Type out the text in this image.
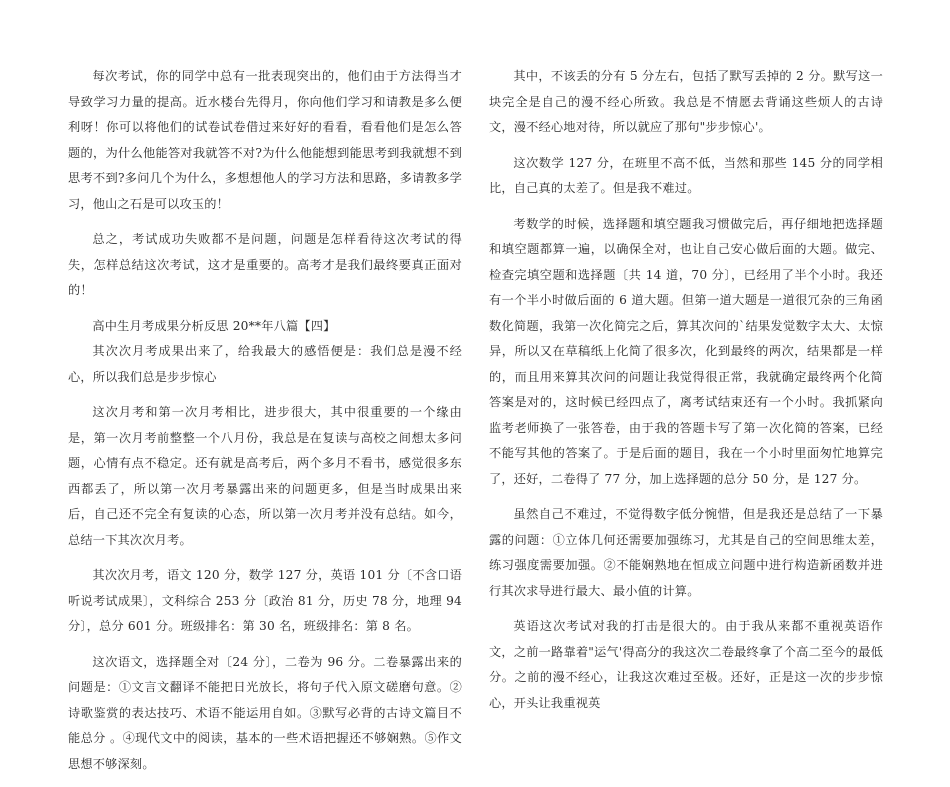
每次考试，你的同学中总有一批表现突出的，他们由于方法得当才导致学习力量的提高。近水楼台先得月，你向他们学习和请教是多么便利呀！你可以将他们的试卷试卷借过来好好的看看，看看他们是怎么答题的，为什么他能答对我就答不对?为什么他能想到能思考到我就想不到思考不到?多问几个为什么，多想想他人的学习方法和思路，多请教多学习，他山之石是可以攻玉的！

总之，考试成功失败都不是问题，问题是怎样看待这次考试的得失，怎样总结这次考试，这才是重要的。高考才是我们最终要真正面对的！

高中生月考成果分析反思 20**年八篇【四】

其次次月考成果出来了，给我最大的感悟便是：我们总是漫不经心，所以我们总是步步惊心

这次月考和第一次月考相比，进步很大，其中很重要的一个缘由是，第一次月考前整整一个八月份，我总是在复读与高校之间想太多问题，心情有点不稳定。还有就是高考后，两个多月不看书，感觉很多东西都丢了，所以第一次月考暴露出来的问题更多，但是当时成果出来后，自己还不完全有复读的心态，所以第一次月考并没有总结。如今，总结一下其次次月考。

其次次月考，语文 120 分，数学 127 分，英语 101 分〔不含口语听说考试成果〕，文科综合 253 分〔政治 81 分，历史 78 分，地理 94 分〕，总分 601 分。班级排名：第 30 名，班级排名：第 8 名。

这次语文，选择题全对〔24 分〕，二卷为 96 分。二卷暴露出来的问题是：①文言文翻译不能把日光放长，将句子代入原文磋磨句意。②诗歌鉴赏的表达技巧、术语不能运用自如。③默写必背的古诗文篇目不能总分 。④现代文中的阅读，基本的一些术语把握还不够娴熟。⑤作文思想不够深刻。

其中，不该丢的分有 5 分左右，包括了默写丢掉的 2 分。默写这一块完全是自己的漫不经心所致。我总是不情愿去背诵这些烦人的古诗文，漫不经心地对待，所以就应了那句"步步惊心'。

这次数学 127 分，在班里不高不低，当然和那些 145 分的同学相比，自己真的太差了。但是我不难过。

考数学的时候，选择题和填空题我习惯做完后，再仔细地把选择题和填空题都算一遍，以确保全对，也让自己安心做后面的大题。做完、检查完填空题和选择题〔共 14 道，70 分〕，已经用了半个小时。我还有一个半小时做后面的 6 道大题。但第一道大题是一道很冗杂的三角函数化简题，我第一次化简完之后，算其次问的`结果发觉数字太大、太惊异，所以又在草稿纸上化简了很多次，化到最终的两次，结果都是一样的，而且用来算其次问的问题让我觉得很正常，我就确定最终两个化简答案是对的，这时候已经四点了，离考试结束还有一个小时。我抓紧向监考老师换了一张答卷，由于我的答题卡写了第一次化简的答案，已经不能写其他的答案了。于是后面的题目，我在一个小时里面匆忙地算完了，还好，二卷得了 77 分，加上选择题的总分 50 分，是 127 分。

虽然自己不难过，不觉得数字低分惋惜，但是我还是总结了一下暴露的问题：①立体几何还需要加强练习，尤其是自己的空间思维太差，练习强度需要加强。②不能娴熟地在恒成立问题中进行构造新函数并进行其次求导进行最大、最小值的计算。

英语这次考试对我的打击是很大的。由于我从来都不重视英语作文，之前一路靠着"运气'得高分的我这次二卷最终拿了个高二至今的最低分。之前的漫不经心，让我这次难过至极。还好，正是这一次的步步惊心，开头让我重视英
